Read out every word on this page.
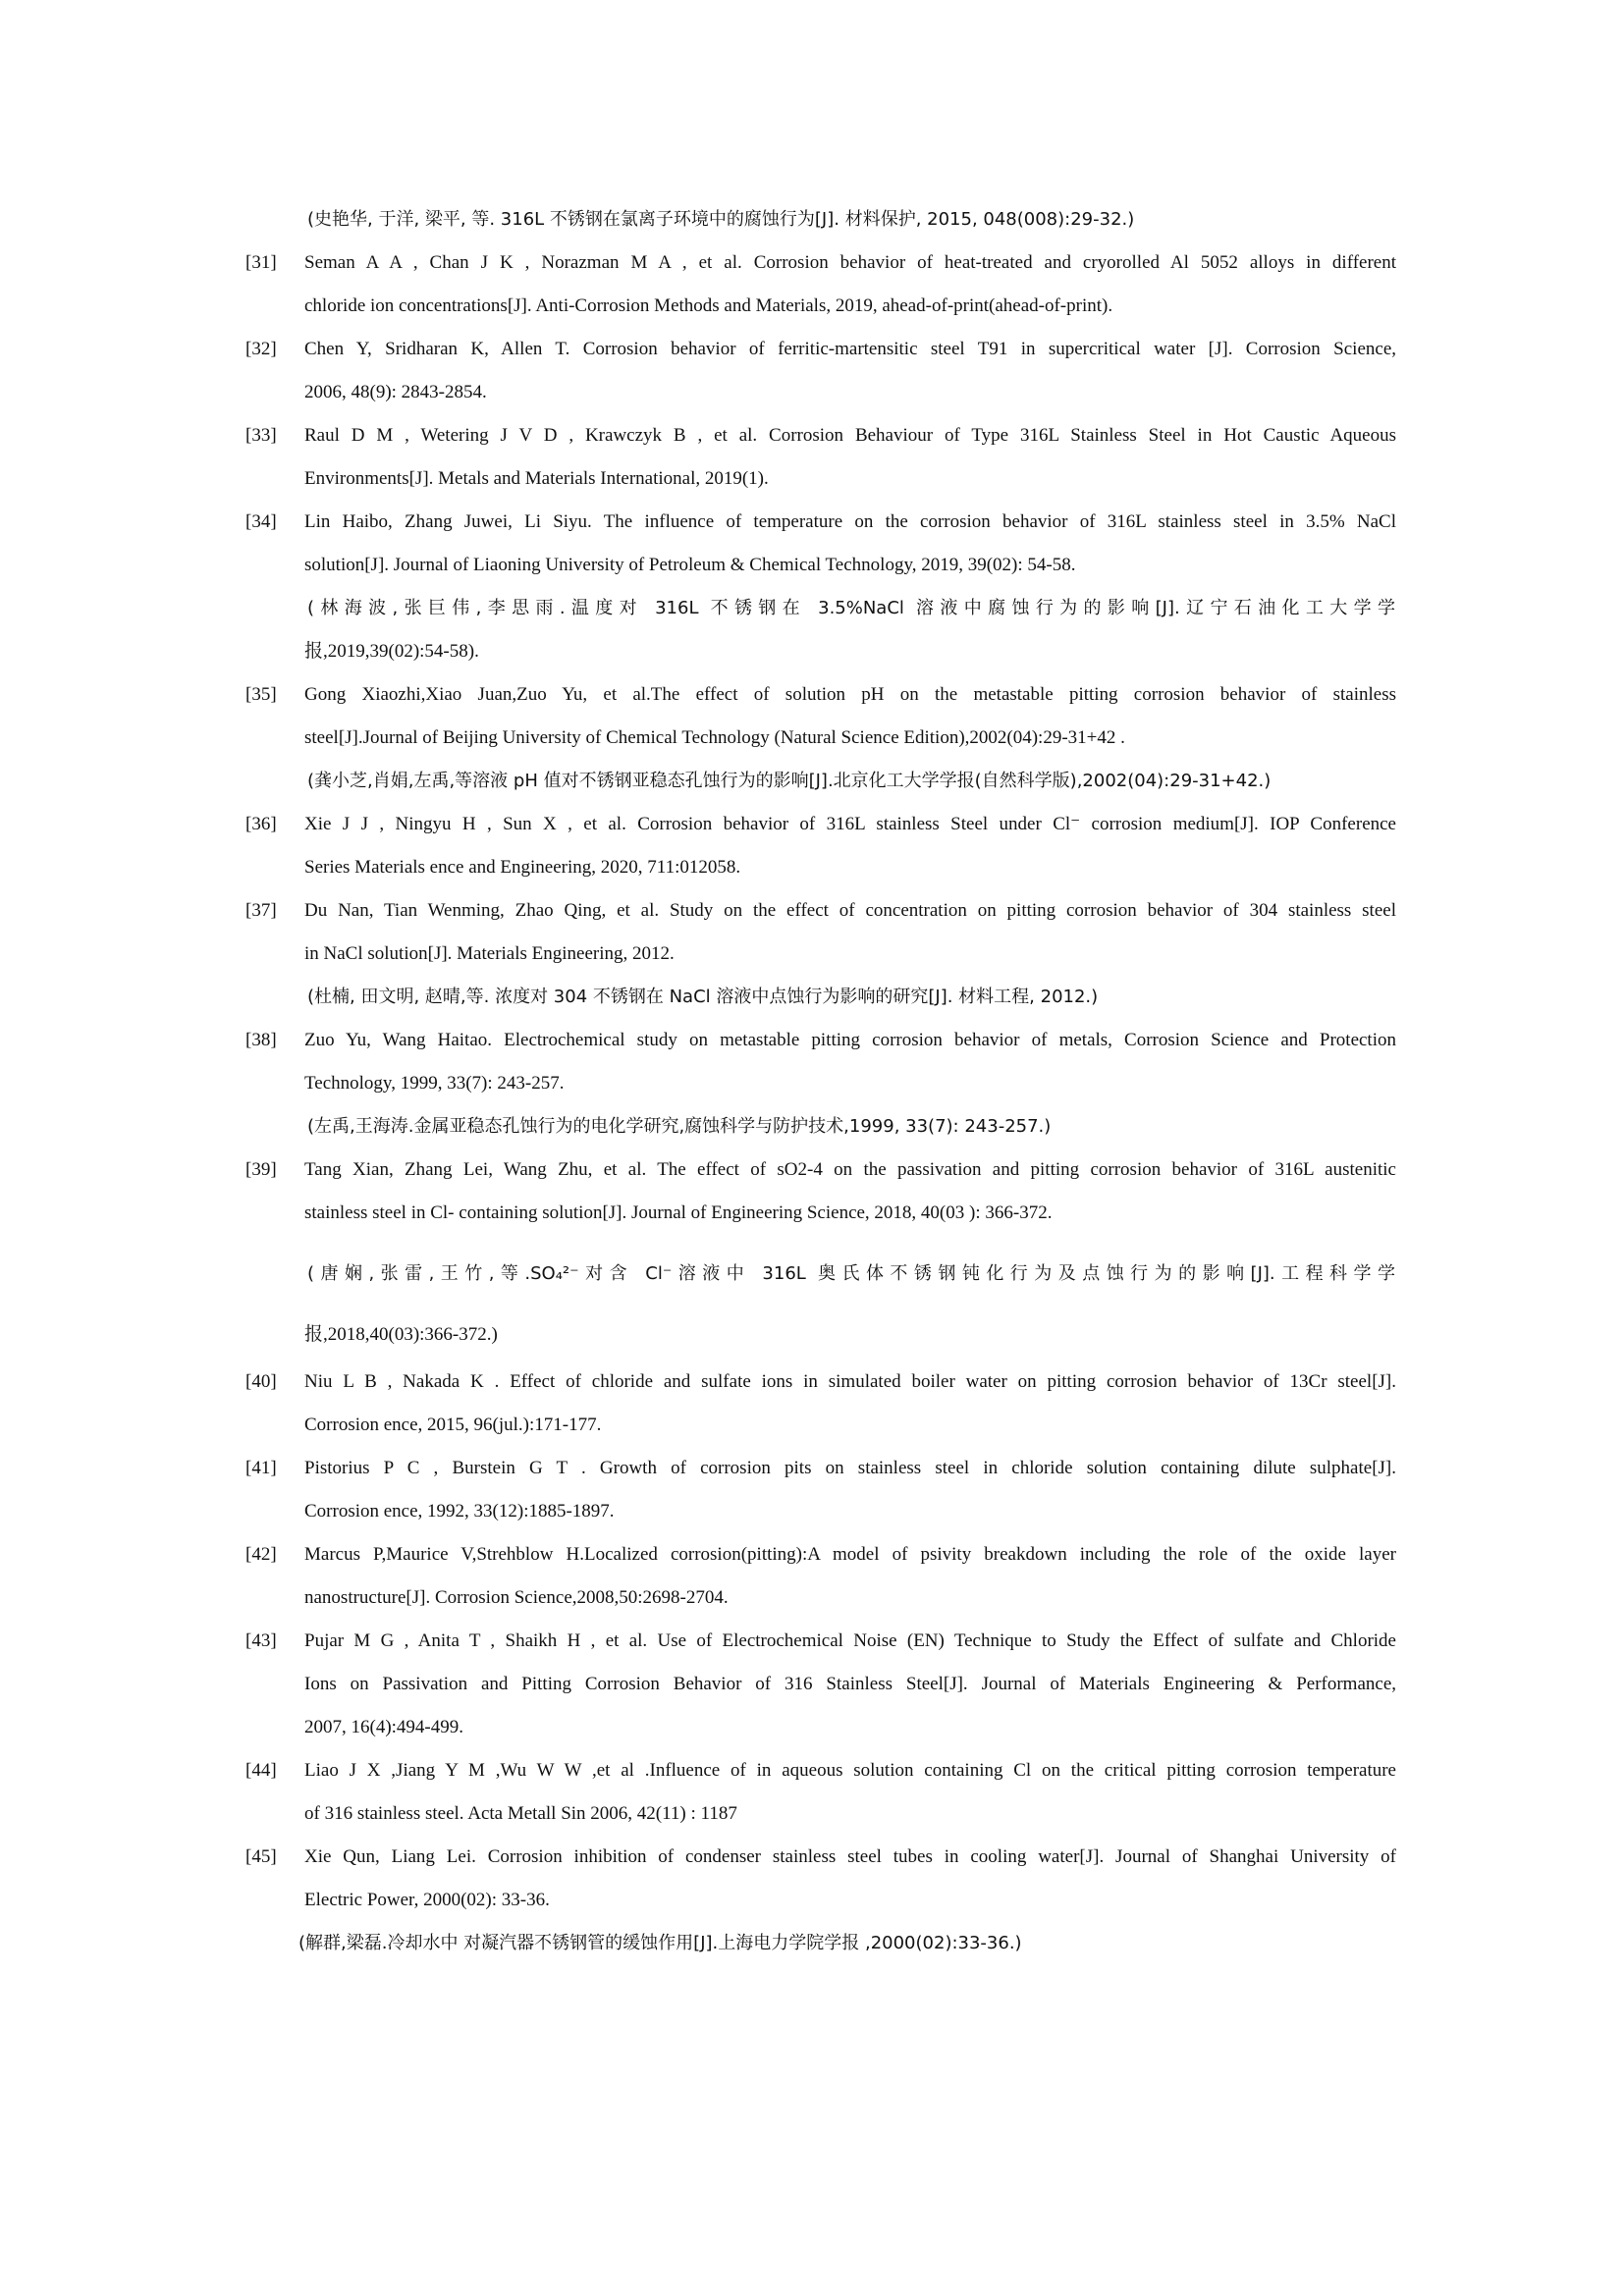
(史艳华, 于洋, 梁平, 等. 316L 不锈钢在氯离子环境中的腐蚀行为[J]. 材料保护, 2015, 048(008):29-32.)
[31] Seman A A , Chan J K , Norazman M A , et al. Corrosion behavior of heat-treated and cryorolled Al 5052 alloys in different
chloride ion concentrations[J]. Anti-Corrosion Methods and Materials, 2019, ahead-of-print(ahead-of-print).
[32] Chen Y, Sridharan K, Allen T. Corrosion behavior of ferritic-martensitic steel T91 in supercritical water [J]. Corrosion Science,
2006, 48(9): 2843-2854.
[33] Raul D M , Wetering J V D , Krawczyk B , et al. Corrosion Behaviour of Type 316L Stainless Steel in Hot Caustic Aqueous
Environments[J]. Metals and Materials International, 2019(1).
[34] Lin Haibo, Zhang Juwei, Li Siyu. The influence of temperature on the corrosion behavior of 316L stainless steel in 3.5% NaCl
solution[J]. Journal of Liaoning University of Petroleum & Chemical Technology, 2019, 39(02): 54-58.
(林海波,张巨伟,李思雨.温度对 316L 不锈钢在 3.5%NaCl 溶液中腐蚀行为的影响[J].辽宁石油化工大学学
报,2019,39(02):54-58).
[35] Gong Xiaozhi,Xiao Juan,Zuo Yu, et al.The effect of solution pH on the metastable pitting corrosion behavior of stainless
steel[J].Journal of Beijing University of Chemical Technology (Natural Science Edition),2002(04):29-31+42 .
(龚小芝,肖娟,左禹,等溶液 pH 值对不锈钢亚稳态孔蚀行为的影响[J].北京化工大学学报(自然科学版),2002(04):29-31+42.)
[36] Xie J J , Ningyu H , Sun X , et al. Corrosion behavior of 316L stainless Steel under Cl⁻ corrosion medium[J]. IOP Conference
Series Materials ence and Engineering, 2020, 711:012058.
[37] Du Nan, Tian Wenming, Zhao Qing, et al. Study on the effect of concentration on pitting corrosion behavior of 304 stainless steel
in NaCl solution[J]. Materials Engineering, 2012.
(杜楠, 田文明, 赵晴,等. 浓度对 304 不锈钢在 NaCl 溶液中点蚀行为影响的研究[J]. 材料工程, 2012.)
[38] Zuo Yu, Wang Haitao. Electrochemical study on metastable pitting corrosion behavior of metals, Corrosion Science and Protection
Technology, 1999, 33(7): 243-257.
(左禹,王海涛.金属亚稳态孔蚀行为的电化学研究,腐蚀科学与防护技术,1999, 33(7): 243-257.)
[39] Tang Xian, Zhang Lei, Wang Zhu, et al. The effect of sO2-4 on the passivation and pitting corrosion behavior of 316L austenitic
stainless steel in Cl- containing solution[J]. Journal of Engineering Science, 2018, 40(03 ): 366-372.
(唐娴,张雷,王竹,等.SO₄²⁻对含 Cl⁻溶液中 316L 奥氏体不锈钢钝化行为及点蚀行为的影响[J].工程科学学
报,2018,40(03):366-372.)
[40] Niu L B , Nakada K . Effect of chloride and sulfate ions in simulated boiler water on pitting corrosion behavior of 13Cr steel[J].
Corrosion ence, 2015, 96(jul.):171-177.
[41] Pistorius P C , Burstein G T . Growth of corrosion pits on stainless steel in chloride solution containing dilute sulphate[J].
Corrosion ence, 1992, 33(12):1885-1897.
[42] Marcus P,Maurice V,Strehblow H.Localized corrosion(pitting):A model of psivity breakdown including the role of the oxide layer
nanostructure[J]. Corrosion Science,2008,50:2698-2704.
[43] Pujar M G , Anita T , Shaikh H , et al. Use of Electrochemical Noise (EN) Technique to Study the Effect of sulfate and Chloride
Ions on Passivation and Pitting Corrosion Behavior of 316 Stainless Steel[J]. Journal of Materials Engineering & Performance,
2007, 16(4):494-499.
[44] Liao J X ,Jiang Y M ,Wu W W ,et al .Influence of in aqueous solution containing Cl on the critical pitting corrosion temperature
of 316 stainless steel. Acta Metall Sin 2006, 42(11) : 1187
[45] Xie Qun, Liang Lei. Corrosion inhibition of condenser stainless steel tubes in cooling water[J]. Journal of Shanghai University of
Electric Power, 2000(02): 33-36.
(解群,梁磊.冷却水中 对凝汽器不锈钢管的缓蚀作用[J].上海电力学院学报 ,2000(02):33-36.)
